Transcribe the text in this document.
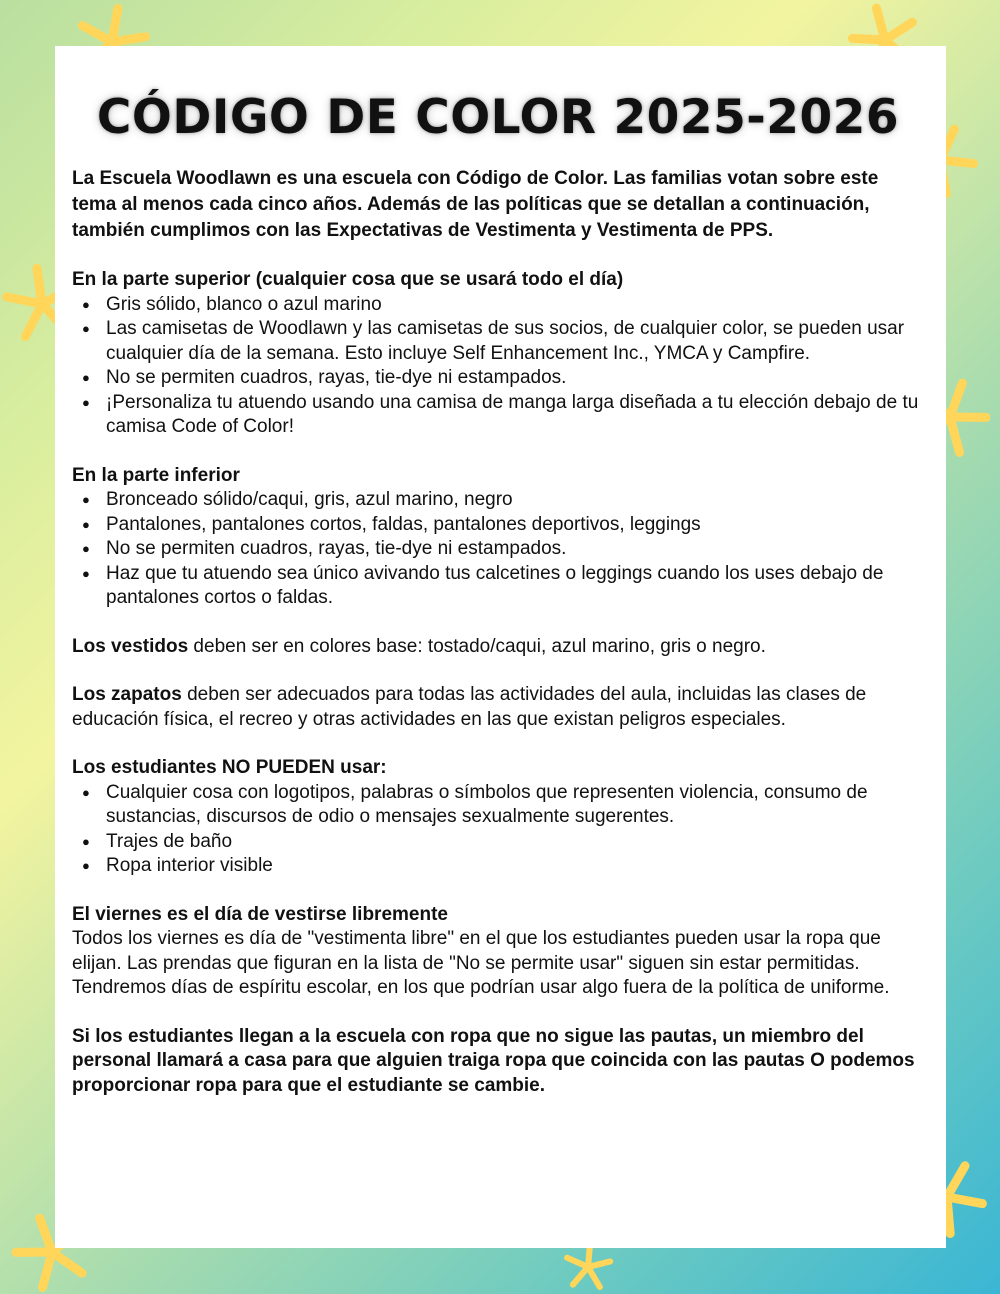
CÓDIGO DE COLOR 2025-2026

La Escuela Woodlawn es una escuela con Código de Color. Las familias votan sobre este tema al menos cada cinco años. Además de las políticas que se detallan a continuación, también cumplimos con las Expectativas de Vestimenta y Vestimenta de PPS.

En la parte superior (cualquier cosa que se usará todo el día)
● Gris sólido, blanco o azul marino
● Las camisetas de Woodlawn y las camisetas de sus socios, de cualquier color, se pueden usar cualquier día de la semana. Esto incluye Self Enhancement Inc., YMCA y Campfire.
● No se permiten cuadros, rayas, tie-dye ni estampados.
● ¡Personaliza tu atuendo usando una camisa de manga larga diseñada a tu elección debajo de tu camisa Code of Color!
En la parte inferior
● Bronceado sólido/caqui, gris, azul marino, negro
● Pantalones, pantalones cortos, faldas, pantalones deportivos, leggings
● No se permiten cuadros, rayas, tie-dye ni estampados.
● Haz que tu atuendo sea único avivando tus calcetines o leggings cuando los uses debajo de pantalones cortos o faldas.

Los vestidos deben ser en colores base: tostado/caqui, azul marino, gris o negro.

Los zapatos deben ser adecuados para todas las actividades del aula, incluidas las clases de educación física, el recreo y otras actividades en las que existan peligros especiales.

Los estudiantes NO PUEDEN usar:
● Cualquier cosa con logotipos, palabras o símbolos que representen violencia, consumo de sustancias, discursos de odio o mensajes sexualmente sugerentes.
● Trajes de baño
● Ropa interior visible
El viernes es el día de vestirse libremente

Todos los viernes es día de "vestimenta libre" en el que los estudiantes pueden usar la ropa que elijan. Las prendas que figuran en la lista de "No se permite usar" siguen sin estar permitidas. Tendremos días de espíritu escolar, en los que podrían usar algo fuera de la política de uniforme.

Si los estudiantes llegan a la escuela con ropa que no sigue las pautas, un miembro del personal llamará a casa para que alguien traiga ropa que coincida con las pautas O podemos proporcionar ropa para que el estudiante se cambie.
